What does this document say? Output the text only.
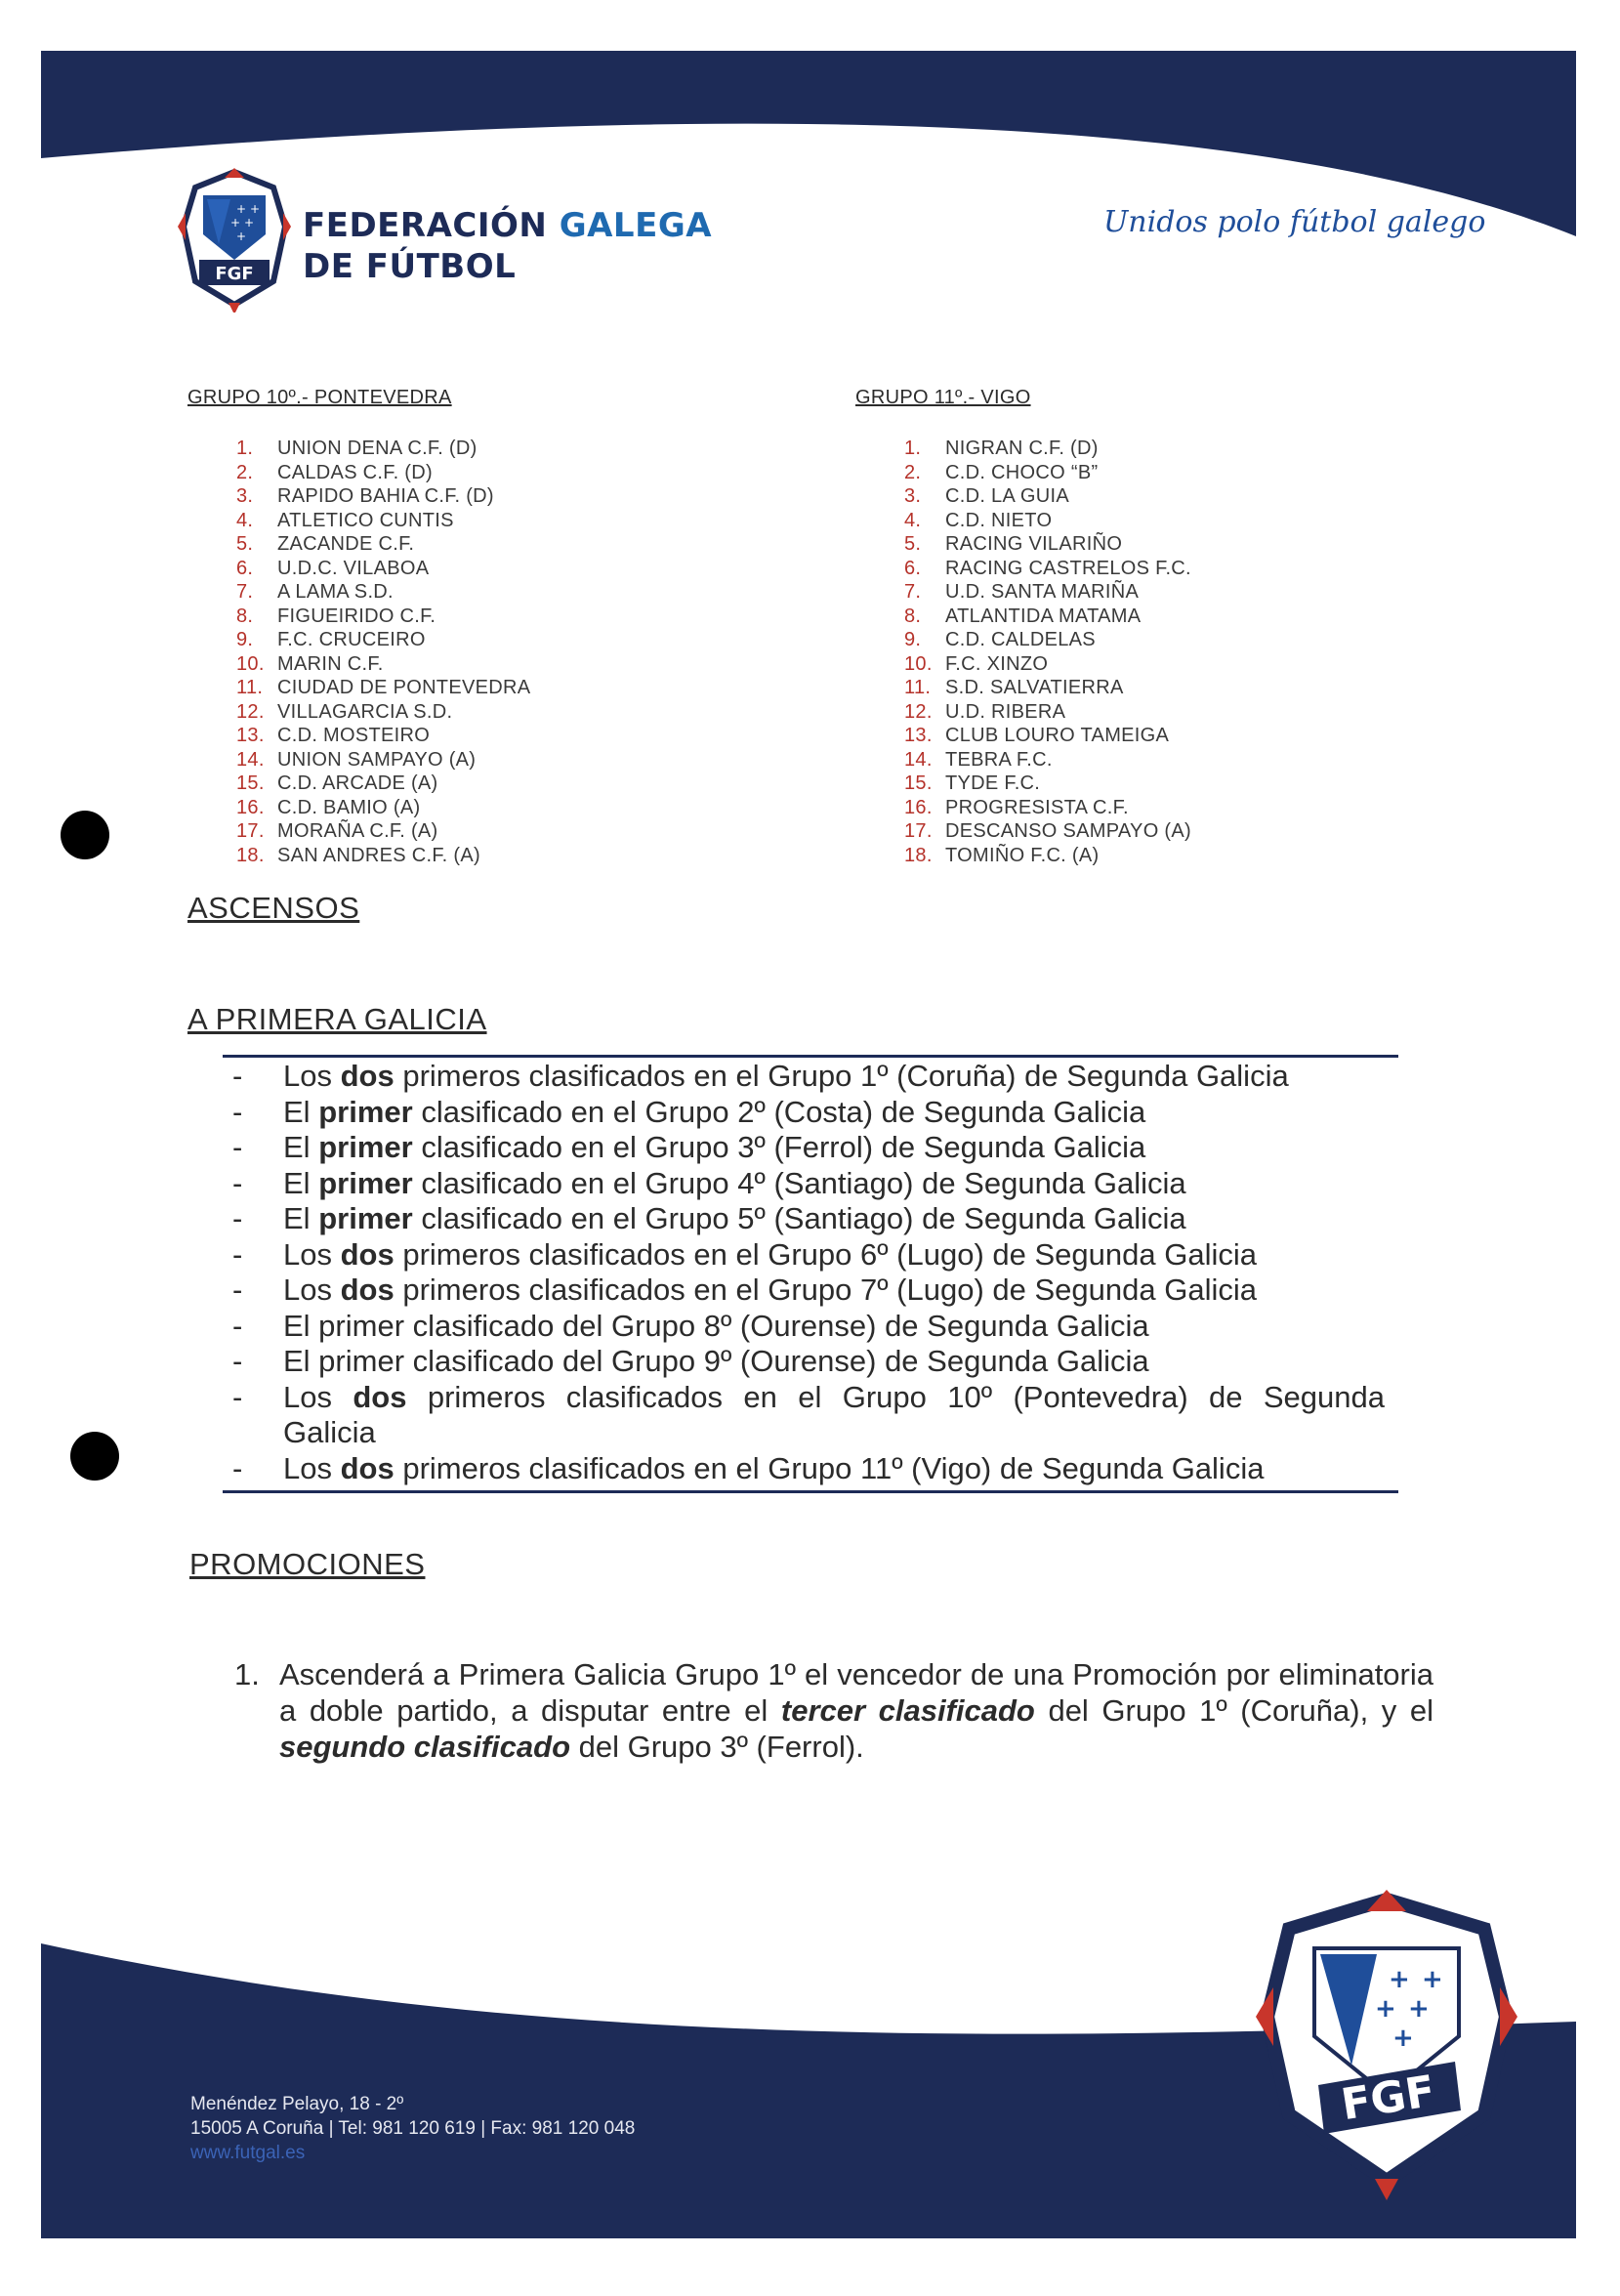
+ +
+ +
+
FGF
FEDERACIÓN GALEGA
DE FÚTBOL
Unidos polo fútbol galego
GRUPO 10º.- PONTEVEDRA
1.	UNION DENA C.F. (D)
2.	CALDAS C.F. (D)
3.	RAPIDO BAHIA C.F. (D)
4.	ATLETICO CUNTIS
5.	ZACANDE C.F.
6.	U.D.C. VILABOA
7.	A LAMA S.D.
8.	FIGUEIRIDO C.F.
9.	F.C. CRUCEIRO
10. MARIN C.F.
11. CIUDAD DE PONTEVEDRA
12. VILLAGARCIA S.D.
13. C.D. MOSTEIRO
14. UNION SAMPAYO (A)
15. C.D. ARCADE (A)
16. C.D. BAMIO (A)
17. MORAÑA C.F. (A)
18. SAN ANDRES C.F. (A)
GRUPO 11º.- VIGO
1.	NIGRAN C.F. (D)
2.	C.D. CHOCO “B”
3.	C.D. LA GUIA
4.	C.D. NIETO
5.	RACING VILARIÑO
6.	RACING CASTRELOS F.C.
7.	U.D. SANTA MARIÑA
8.	ATLANTIDA MATAMA
9.	C.D. CALDELAS
10. F.C. XINZO
11. S.D. SALVATIERRA
12. U.D. RIBERA
13. CLUB LOURO TAMEIGA
14. TEBRA F.C.
15. TYDE F.C.
16. PROGRESISTA C.F.
17. DESCANSO SAMPAYO (A)
18. TOMIÑO F.C. (A)
ASCENSOS
A PRIMERA GALICIA
-	Los dos primeros clasificados en el Grupo 1º (Coruña) de Segunda Galicia
-	El primer clasificado en el Grupo 2º (Costa) de Segunda Galicia
-	El primer clasificado en el Grupo 3º (Ferrol) de Segunda Galicia
-	El primer clasificado en el Grupo 4º (Santiago) de Segunda Galicia
-	El primer clasificado en el Grupo 5º (Santiago) de Segunda Galicia
-	Los dos primeros clasificados en el Grupo 6º (Lugo) de Segunda Galicia
-	Los dos primeros clasificados en el Grupo 7º (Lugo) de Segunda Galicia
-	El primer clasificado del Grupo 8º (Ourense) de Segunda Galicia
-	El primer clasificado del Grupo 9º (Ourense) de Segunda Galicia
-	Los dos primeros clasificados en el Grupo 10º (Pontevedra) de Segunda
Galicia
-	Los dos primeros clasificados en el Grupo 11º (Vigo) de Segunda Galicia
PROMOCIONES
1. Ascenderá a Primera Galicia Grupo 1º el vencedor de una Promoción por eliminatoria a doble partido, a disputar entre el tercer clasificado del Grupo 1º (Coruña), y el segundo clasificado del Grupo 3º (Ferrol).
Menéndez Pelayo, 18 - 2º
15005 A Coruña | Tel: 981 120 619 | Fax: 981 120 048
www.futgal.es
+ +
+ +
+
FGF
